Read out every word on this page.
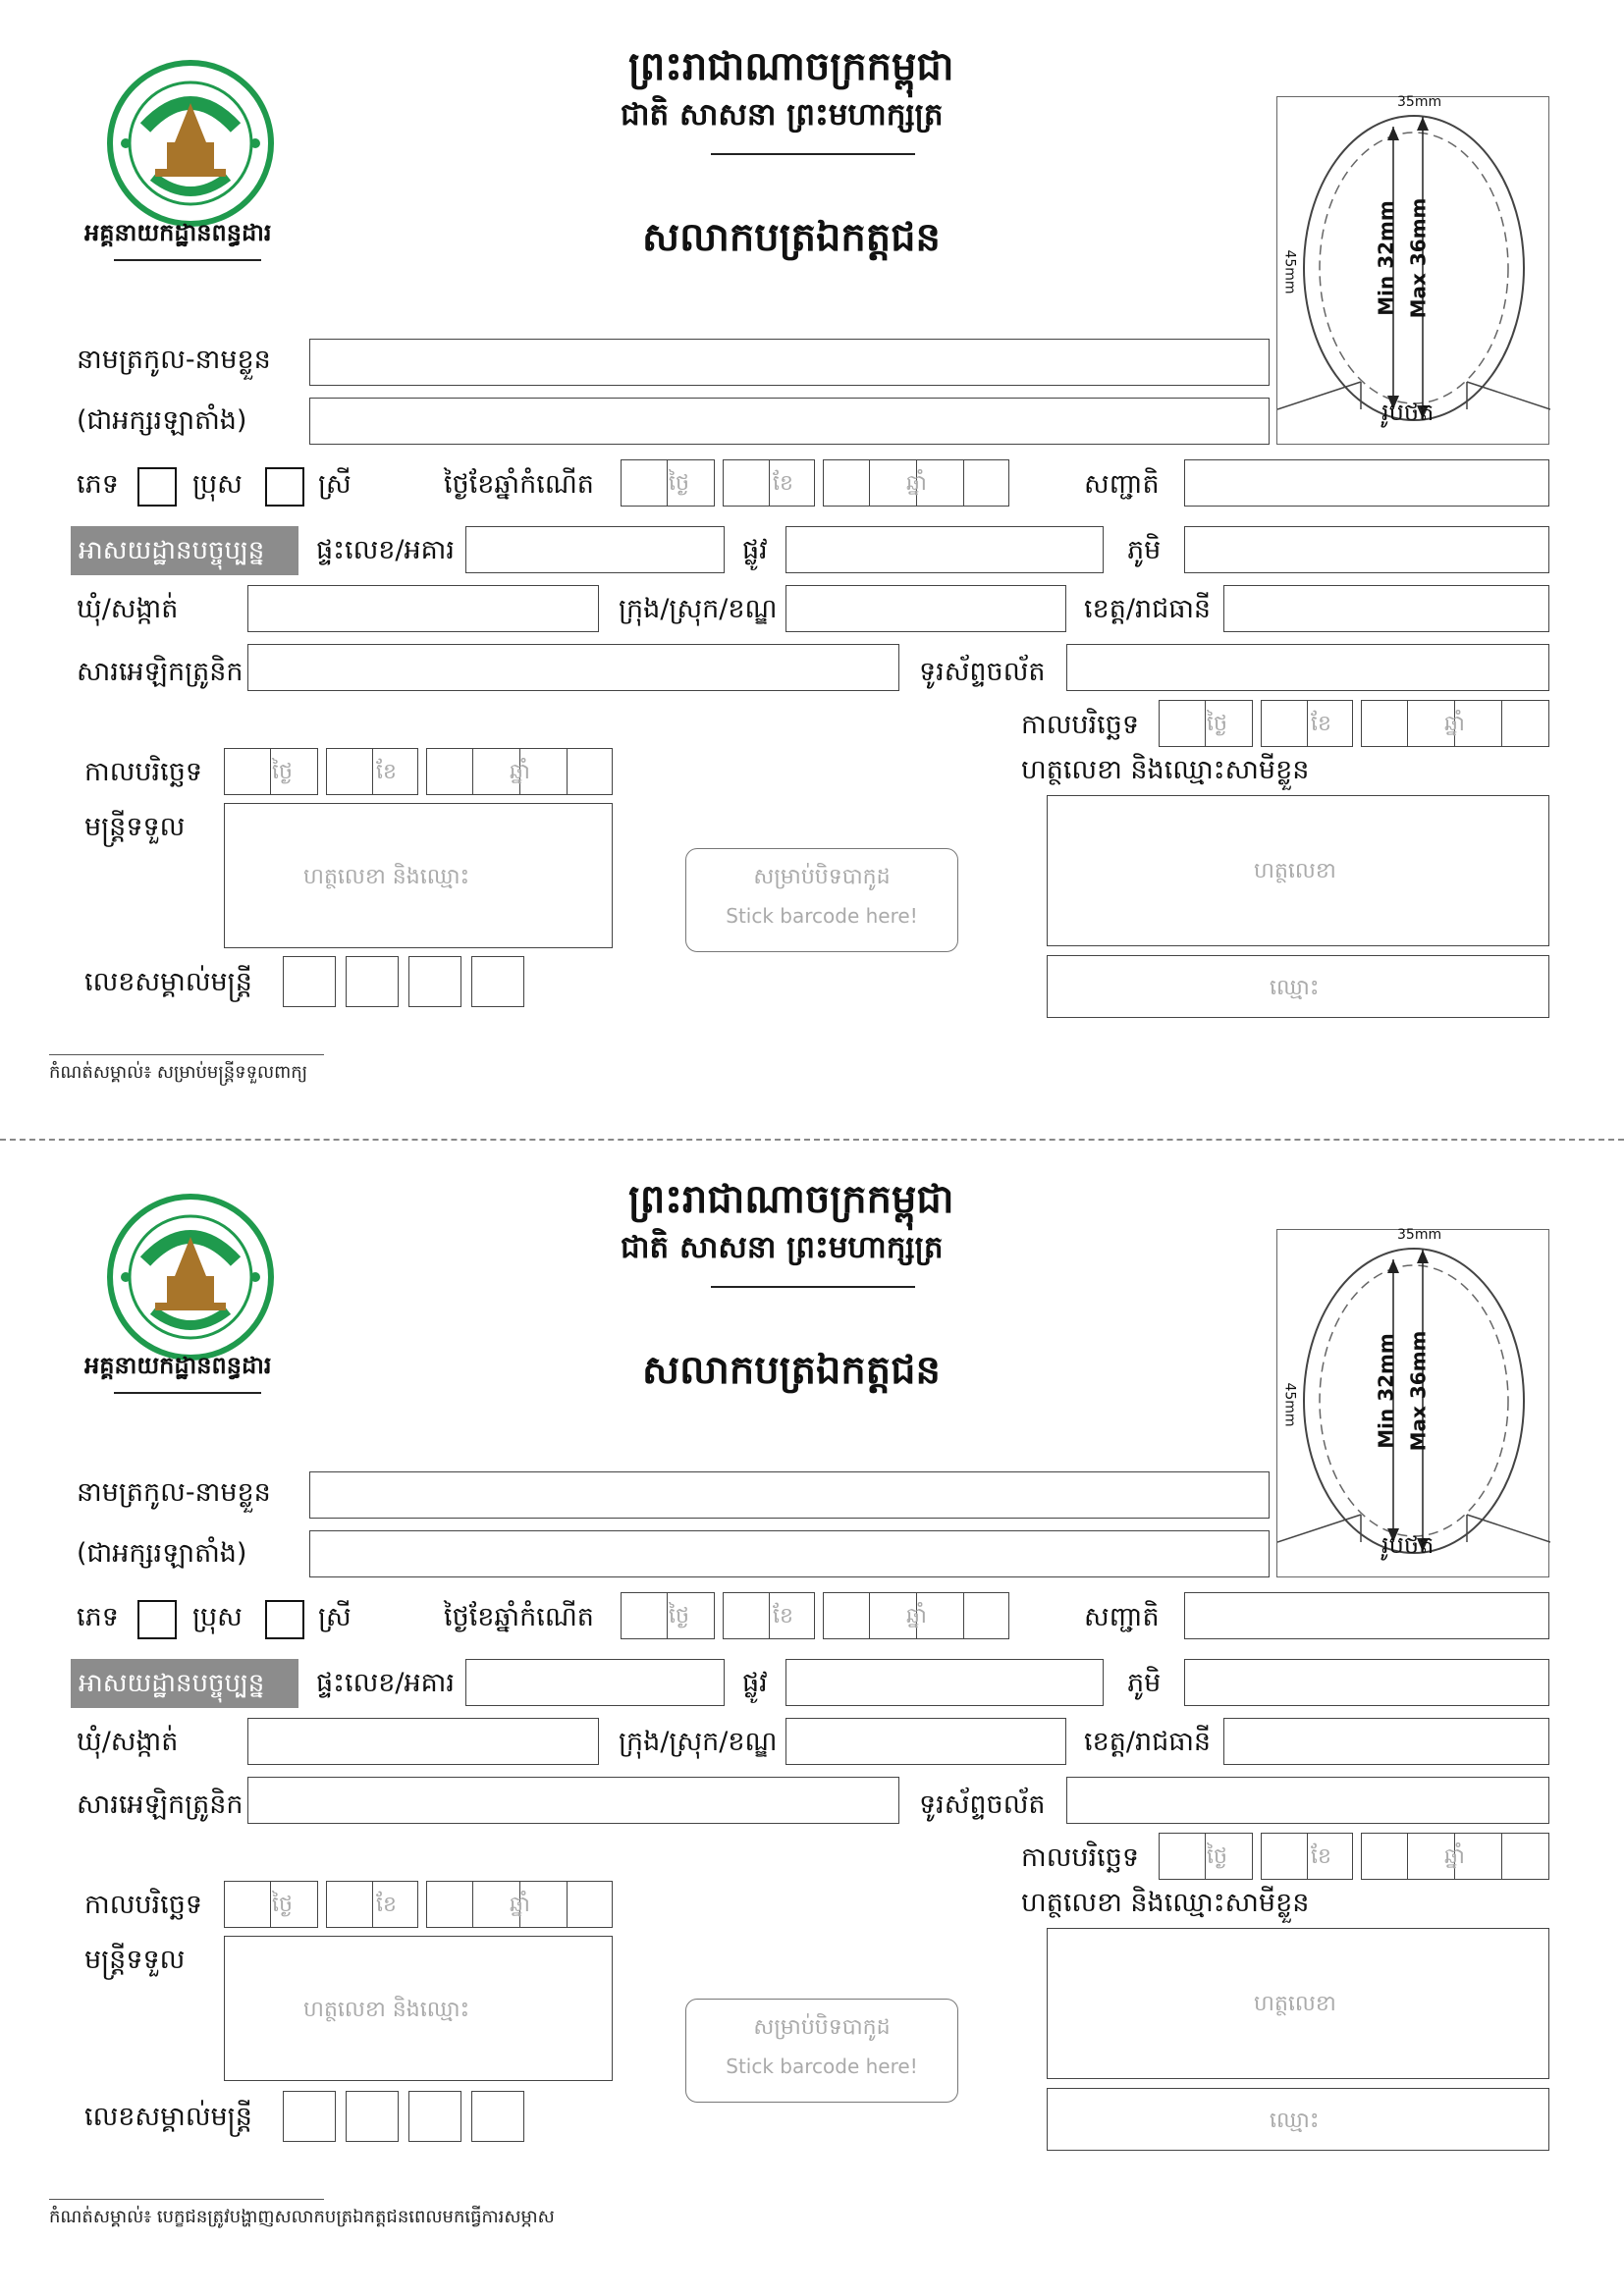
អគ្គនាយកដ្ឋានពន្ធដារ
ព្រះរាជាណាចក្រកម្ពុជា
ជាតិ សាសនា ព្រះមហាក្សត្រ
សលាកបត្រឯកត្តជន
35mm
45mm	Min 32mm Max 36mm
រូបថត
នាមត្រកូល-នាមខ្លួន
(ជាអក្សរឡាតាំង)
ភេទ	ប្រុស	ស្រី	ថ្ងៃខែឆ្នាំកំណើត	ថ្ងៃ	ខែ	ឆ្នាំ	សញ្ជាតិ
អាសយដ្ឋានបច្ចុប្បន្ន	ផ្ទះលេខ/អគារ	ផ្លូវ	ភូមិ
ឃុំ/សង្កាត់	ក្រុង/ស្រុក/ខណ្ឌ	ខេត្ត/រាជធានី
សារអេឡិកត្រូនិក	ទូរស័ព្ទចល័ត
កាលបរិច្ឆេទ	ថ្ងៃ	ខែ	ឆ្នាំ
ហត្ថលេខា និងឈ្មោះសាមីខ្លួន
ហត្ថលេខា
ឈ្មោះ
កាលបរិច្ឆេទ	ថ្ងៃ	ខែ	ឆ្នាំ
មន្ត្រីទទួល
ហត្ថលេខា និងឈ្មោះ	សម្រាប់បិទបាកូដ
Stick barcode here!
លេខសម្គាល់មន្ត្រី
កំណត់សម្គាល់៖ សម្រាប់មន្ត្រីទទួលពាក្យ
អគ្គនាយកដ្ឋានពន្ធដារ
ព្រះរាជាណាចក្រកម្ពុជា
ជាតិ សាសនា ព្រះមហាក្សត្រ
សលាកបត្រឯកត្តជន
35mm
45mm	Min 32mm Max 36mm
រូបថត
នាមត្រកូល-នាមខ្លួន
(ជាអក្សរឡាតាំង)
ភេទ	ប្រុស	ស្រី	ថ្ងៃខែឆ្នាំកំណើត	ថ្ងៃ	ខែ	ឆ្នាំ	សញ្ជាតិ
អាសយដ្ឋានបច្ចុប្បន្ន	ផ្ទះលេខ/អគារ	ផ្លូវ	ភូមិ
ឃុំ/សង្កាត់	ក្រុង/ស្រុក/ខណ្ឌ	ខេត្ត/រាជធានី
សារអេឡិកត្រូនិក	ទូរស័ព្ទចល័ត
កាលបរិច្ឆេទ	ថ្ងៃ	ខែ	ឆ្នាំ
ហត្ថលេខា និងឈ្មោះសាមីខ្លួន
ហត្ថលេខា
ឈ្មោះ
កាលបរិច្ឆេទ	ថ្ងៃ	ខែ	ឆ្នាំ
មន្ត្រីទទួល
ហត្ថលេខា និងឈ្មោះ
សម្រាប់បិទបាកូដ
Stick barcode here!
លេខសម្គាល់មន្ត្រី
កំណត់សម្គាល់៖ បេក្ខជនត្រូវបង្ហាញសលាកបត្រឯកត្តជនពេលមកធ្វើការសម្ភាស
